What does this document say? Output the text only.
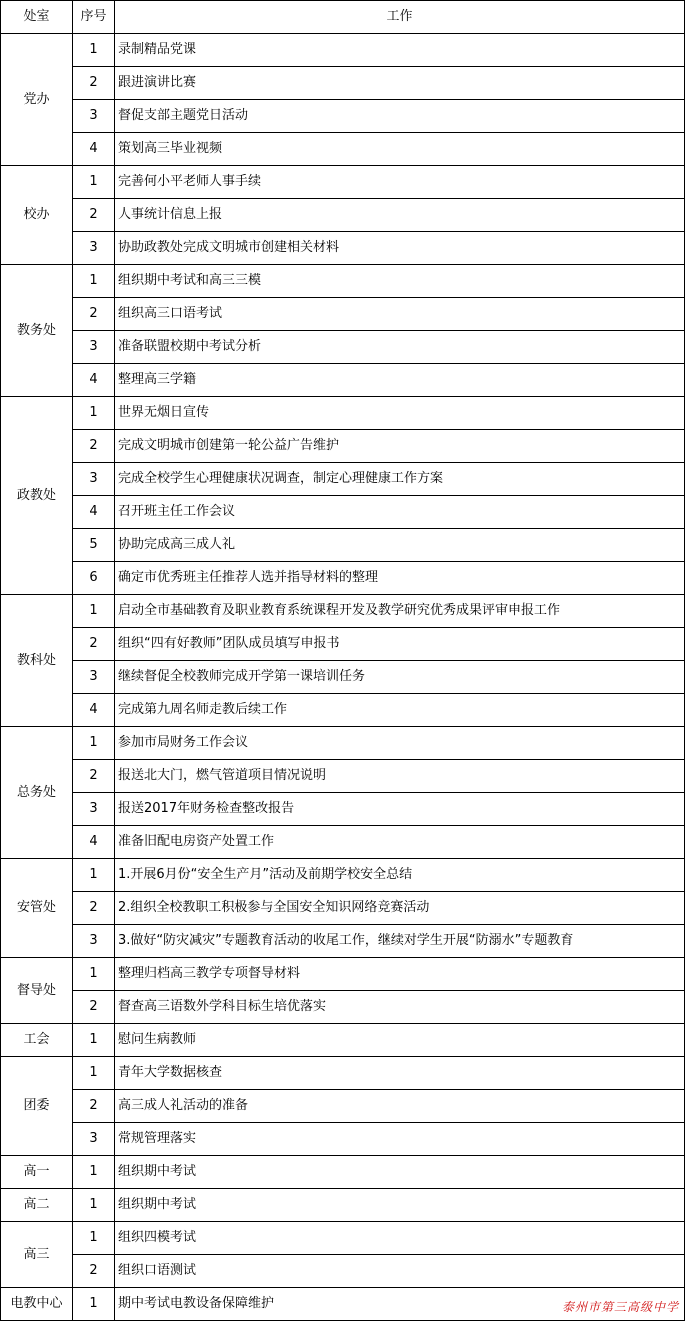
处室	序号	工作
党办	1	录制精品党课
	2	跟进演讲比赛
	3	督促支部主题党日活动
	4	策划高三毕业视频
校办	1	完善何小平老师人事手续
	2	人事统计信息上报
	3	协助政教处完成文明城市创建相关材料
教务处	1	组织期中考试和高三三模
	2	组织高三口语考试
	3	准备联盟校期中考试分析
	4	整理高三学籍
政教处	1	世界无烟日宣传
	2	完成文明城市创建第一轮公益广告维护
	3	完成全校学生心理健康状况调查，制定心理健康工作方案
	4	召开班主任工作会议
	5	协助完成高三成人礼
	6	确定市优秀班主任推荐人选并指导材料的整理
教科处	1	启动全市基础教育及职业教育系统课程开发及教学研究优秀成果评审申报工作
	2	组织“四有好教师”团队成员填写申报书
	3	继续督促全校教师完成开学第一课培训任务
	4	完成第九周名师走教后续工作
总务处	1	参加市局财务工作会议
	2	报送北大门，燃气管道项目情况说明
	3	报送2017年财务检查整改报告
	4	准备旧配电房资产处置工作
安管处	1	1.开展6月份“安全生产月”活动及前期学校安全总结
	2	2.组织全校教职工积极参与全国安全知识网络竞赛活动
	3	3.做好“防灾减灾”专题教育活动的收尾工作，继续对学生开展“防溺水”专题教育
督导处	1	整理归档高三教学专项督导材料
	2	督查高三语数外学科目标生培优落实
工会	1	慰问生病教师
团委	1	青年大学数据核查
	2	高三成人礼活动的准备
	3	常规管理落实
高一	1	组织期中考试
高二	1	组织期中考试
高三	1	组织四模考试
	2	组织口语测试
电教中心	1	期中考试电教设备保障维护	泰州市第三高级中学
